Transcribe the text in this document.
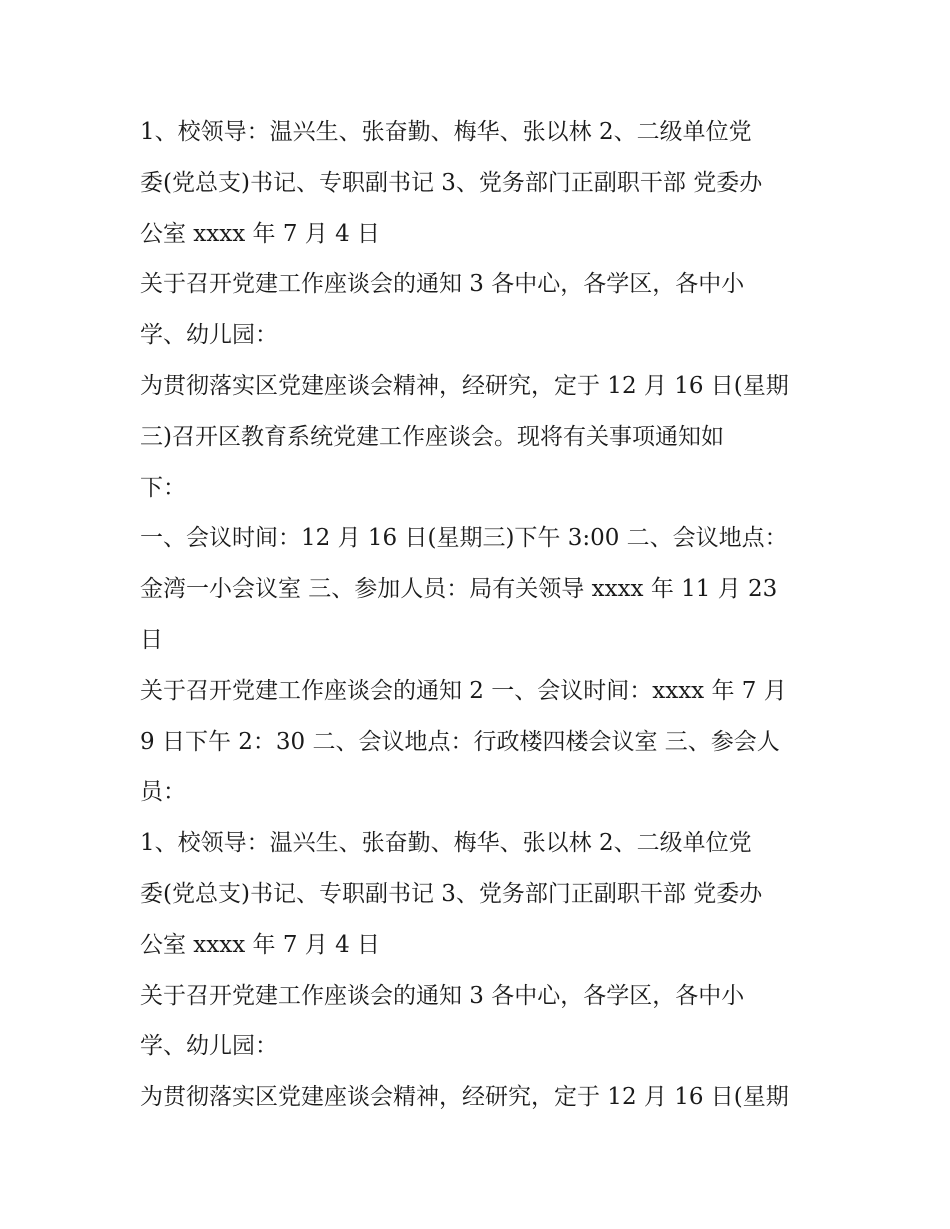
1、校领导：温兴生、张奋勤、梅华、张以林 2、二级单位党
委(党总支)书记、专职副书记 3、党务部门正副职干部 党委办
公室 xxxx 年 7 月 4 日

关于召开党建工作座谈会的通知 3 各中心，各学区，各中小
学、幼儿园：

为贯彻落实区党建座谈会精神，经研究，定于 12 月 16 日(星期
三)召开区教育系统党建工作座谈会。现将有关事项通知如
下：

一、会议时间：12 月 16 日(星期三)下午 3:00 二、会议地点：
金湾一小会议室 三、参加人员：局有关领导 xxxx 年 11 月 23
日

关于召开党建工作座谈会的通知 2 一、会议时间：xxxx 年 7 月
9 日下午 2：30 二、会议地点：行政楼四楼会议室 三、参会人
员：

1、校领导：温兴生、张奋勤、梅华、张以林 2、二级单位党
委(党总支)书记、专职副书记 3、党务部门正副职干部 党委办
公室 xxxx 年 7 月 4 日

关于召开党建工作座谈会的通知 3 各中心，各学区，各中小
学、幼儿园：

为贯彻落实区党建座谈会精神，经研究，定于 12 月 16 日(星期
